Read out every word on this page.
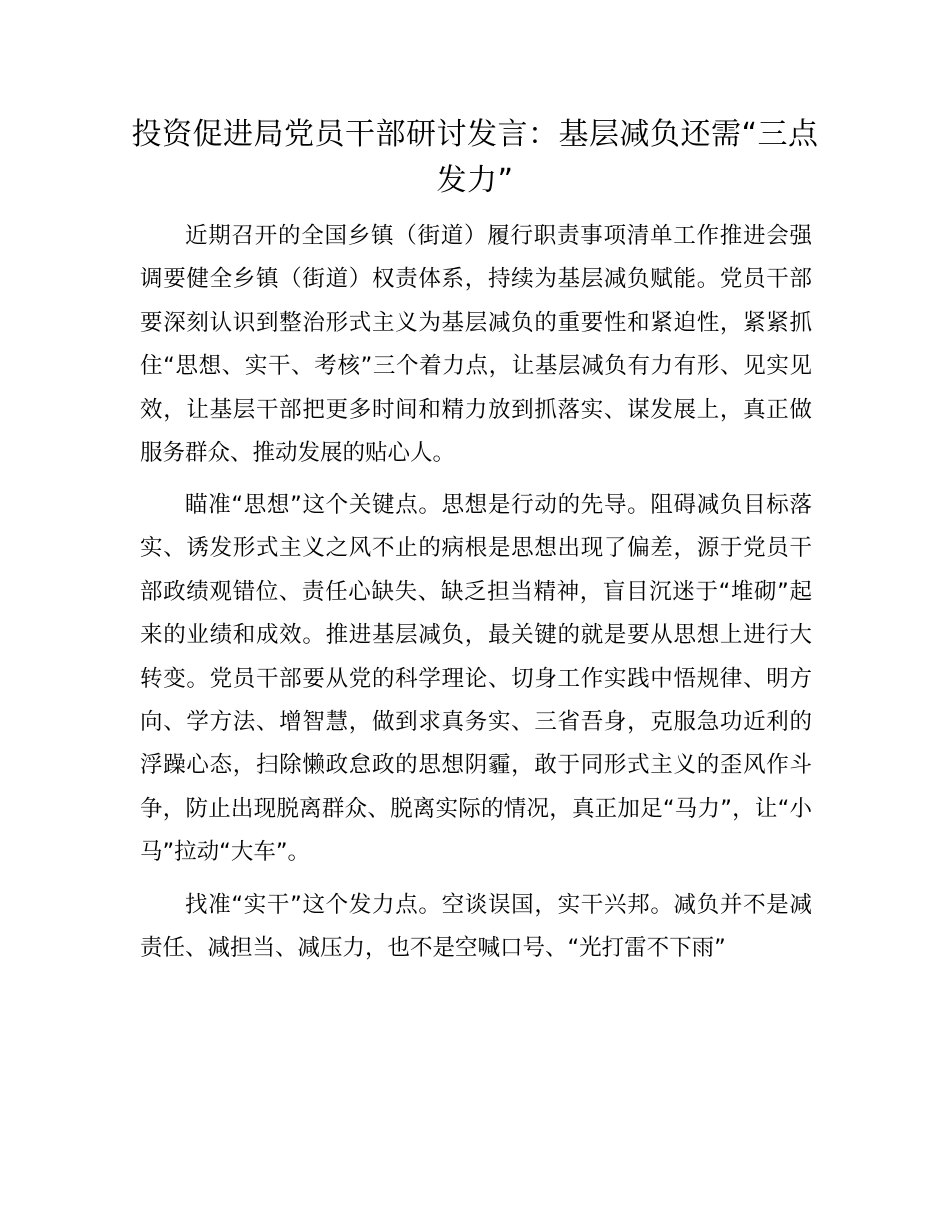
投资促进局党员干部研讨发言：基层减负还需“三点发力”

近期召开的全国乡镇（街道）履行职责事项清单工作推进会强调要健全乡镇（街道）权责体系，持续为基层减负赋能。党员干部要深刻认识到整治形式主义为基层减负的重要性和紧迫性，紧紧抓住“思想、实干、考核”三个着力点，让基层减负有力有形、见实见效，让基层干部把更多时间和精力放到抓落实、谋发展上，真正做服务群众、推动发展的贴心人。

瞄准“思想”这个关键点。思想是行动的先导。阻碍减负目标落实、诱发形式主义之风不止的病根是思想出现了偏差，源于党员干部政绩观错位、责任心缺失、缺乏担当精神，盲目沉迷于“堆砌”起来的业绩和成效。推进基层减负，最关键的就是要从思想上进行大转变。党员干部要从党的科学理论、切身工作实践中悟规律、明方向、学方法、增智慧，做到求真务实、三省吾身，克服急功近利的浮躁心态，扫除懒政怠政的思想阴霾，敢于同形式主义的歪风作斗争，防止出现脱离群众、脱离实际的情况，真正加足“马力”，让“小马”拉动“大车”。

找准“实干”这个发力点。空谈误国，实干兴邦。减负并不是减责任、减担当、减压力，也不是空喊口号、“光打雷不下雨”
